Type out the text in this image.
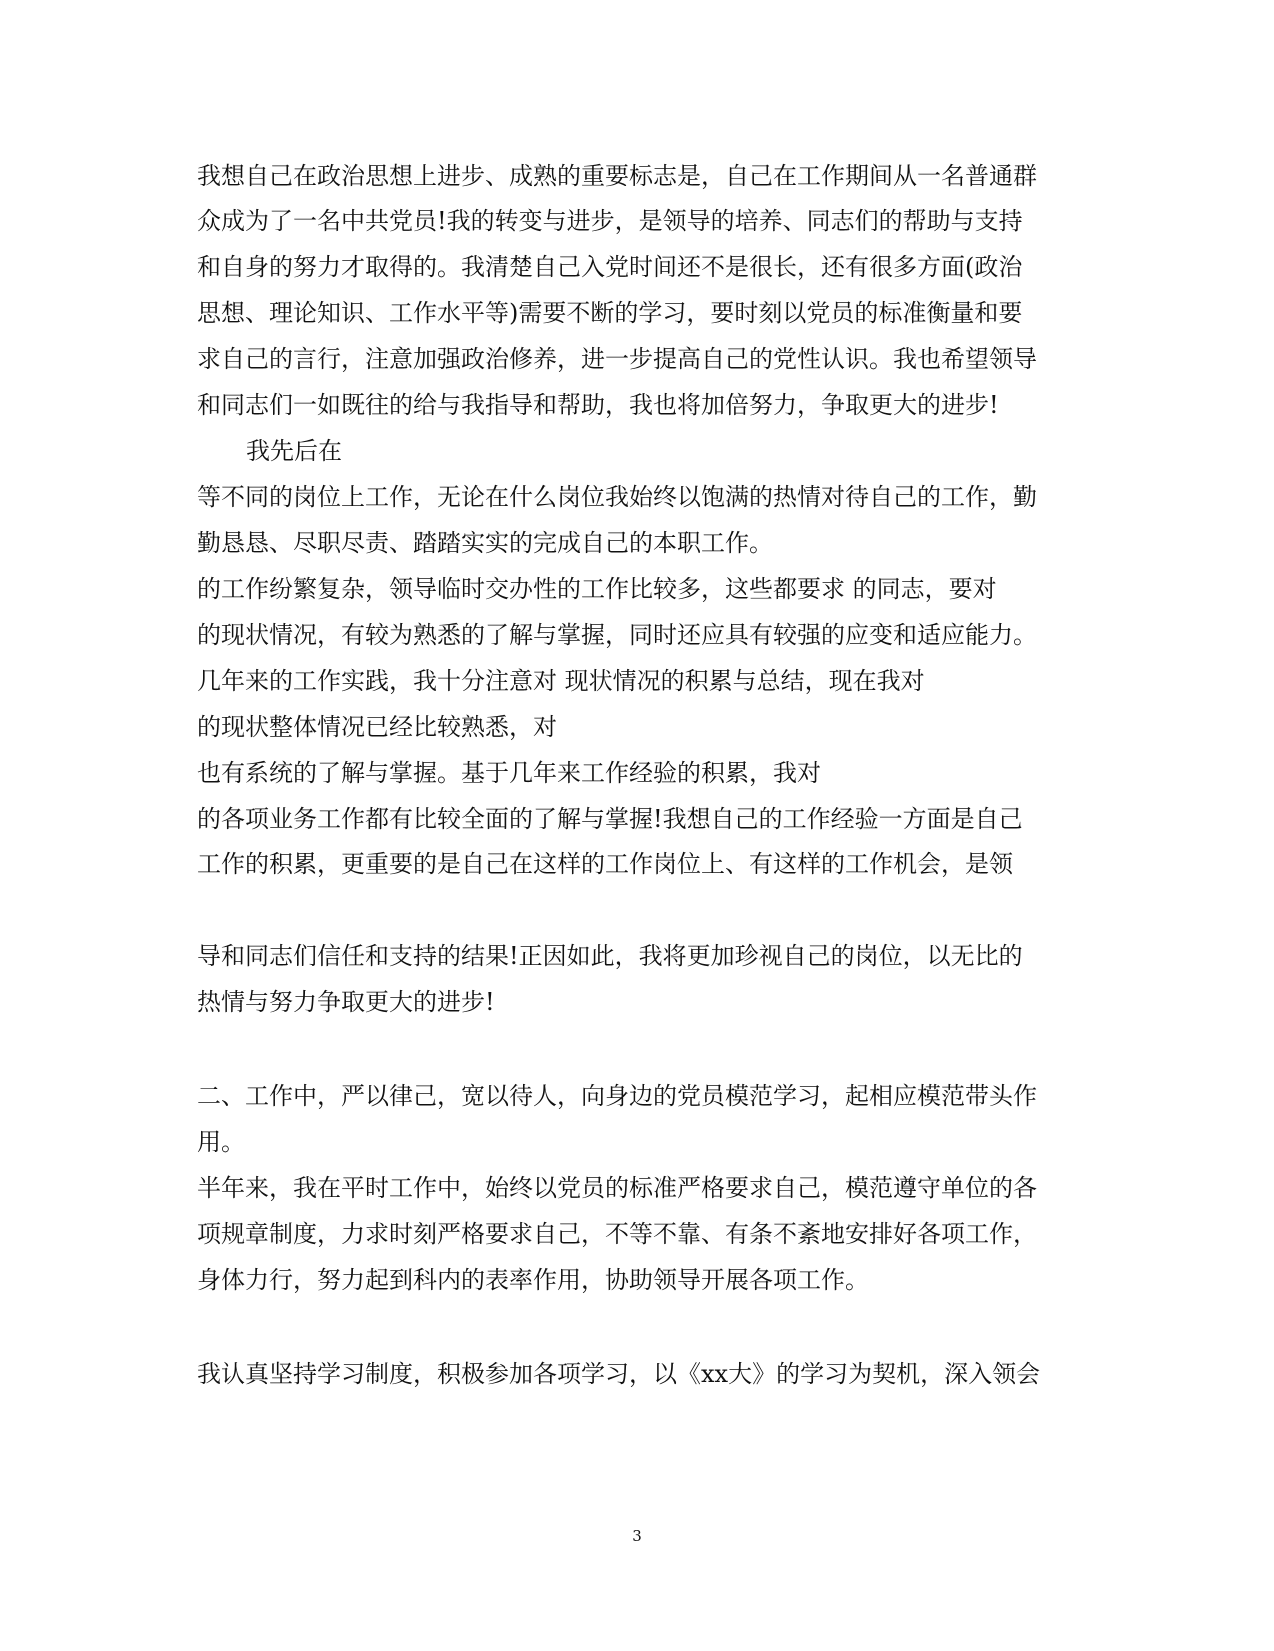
我想自己在政治思想上进步、成熟的重要标志是，自己在工作期间从一名普通群
众成为了一名中共党员!我的转变与进步，是领导的培养、同志们的帮助与支持
和自身的努力才取得的。我清楚自己入党时间还不是很长，还有很多方面(政治
思想、理论知识、工作水平等)需要不断的学习，要时刻以党员的标准衡量和要
求自己的言行，注意加强政治修养，进一步提高自己的党性认识。我也希望领导
和同志们一如既往的给与我指导和帮助，我也将加倍努力，争取更大的进步!
我先后在
等不同的岗位上工作，无论在什么岗位我始终以饱满的热情对待自己的工作，勤
勤恳恳、尽职尽责、踏踏实实的完成自己的本职工作。
的工作纷繁复杂，领导临时交办性的工作比较多，这些都要求 的同志，要对
的现状情况，有较为熟悉的了解与掌握，同时还应具有较强的应变和适应能力。
几年来的工作实践，我十分注意对 现状情况的积累与总结，现在我对
的现状整体情况已经比较熟悉，对
也有系统的了解与掌握。基于几年来工作经验的积累，我对
的各项业务工作都有比较全面的了解与掌握!我想自己的工作经验一方面是自己
工作的积累，更重要的是自己在这样的工作岗位上、有这样的工作机会，是领
导和同志们信任和支持的结果!正因如此，我将更加珍视自己的岗位，以无比的
热情与努力争取更大的进步!
二、工作中，严以律己，宽以待人，向身边的党员模范学习，起相应模范带头作
用。
半年来，我在平时工作中，始终以党员的标准严格要求自己，模范遵守单位的各
项规章制度，力求时刻严格要求自己，不等不靠、有条不紊地安排好各项工作，
身体力行，努力起到科内的表率作用，协助领导开展各项工作。
我认真坚持学习制度，积极参加各项学习，以《xx大》的学习为契机，深入领会
3
